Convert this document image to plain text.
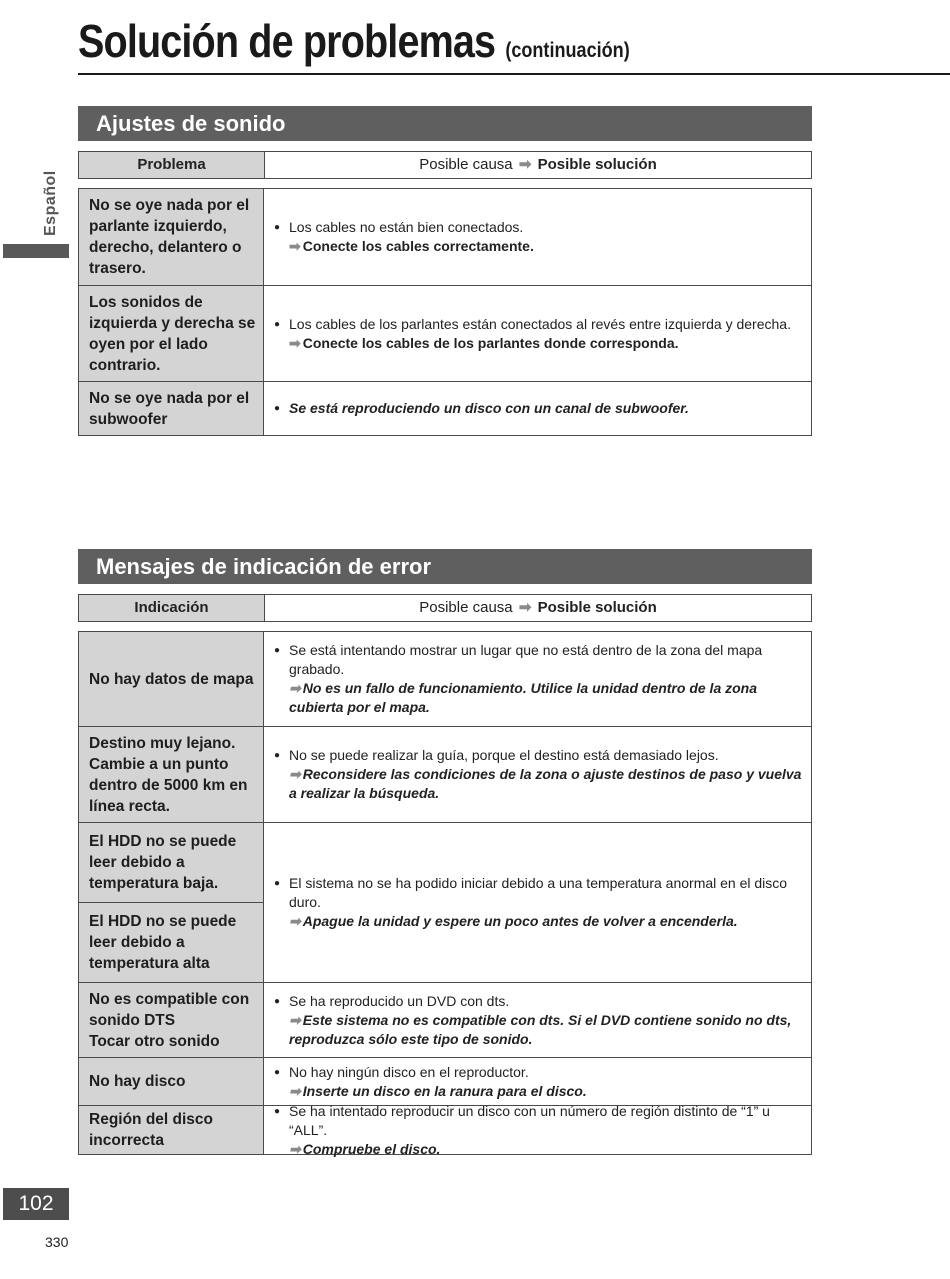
Solución de problemas (continuación)
Español
Ajustes de sonido
Problema	Posible causa ➡ Posible solución
No se oye nada por el parlante izquierdo, derecho, delantero o trasero.
● Los cables no están bien conectados.
➡ Conecte los cables correctamente.
Los sonidos de izquierda y derecha se oyen por el lado contrario.
● Los cables de los parlantes están conectados al revés entre izquierda y derecha.
➡ Conecte los cables de los parlantes donde corresponda.
No se oye nada por el subwoofer
● Se está reproduciendo un disco con un canal de subwoofer.
Mensajes de indicación de error
Indicación	Posible causa ➡ Posible solución
No hay datos de mapa
● Se está intentando mostrar un lugar que no está dentro de la zona del mapa grabado.
➡ No es un fallo de funcionamiento. Utilice la unidad dentro de la zona cubierta por el mapa.
Destino muy lejano. Cambie a un punto dentro de 5000 km en línea recta.
● No se puede realizar la guía, porque el destino está demasiado lejos.
➡ Reconsidere las condiciones de la zona o ajuste destinos de paso y vuelva a realizar la búsqueda.
El HDD no se puede leer debido a temperatura baja.
El HDD no se puede leer debido a temperatura alta
● El sistema no se ha podido iniciar debido a una temperatura anormal en el disco duro.
➡ Apague la unidad y espere un poco antes de volver a encenderla.
No es compatible con sonido DTS
Tocar otro sonido
● Se ha reproducido un DVD con dts.
➡ Este sistema no es compatible con dts. Si el DVD contiene sonido no dts, reproduzca sólo este tipo de sonido.
No hay disco
● No hay ningún disco en el reproductor.
➡ Inserte un disco en la ranura para el disco.
Región del disco incorrecta
● Se ha intentado reproducir un disco con un número de región distinto de “1” u “ALL”.
➡ Compruebe el disco.
102
330
